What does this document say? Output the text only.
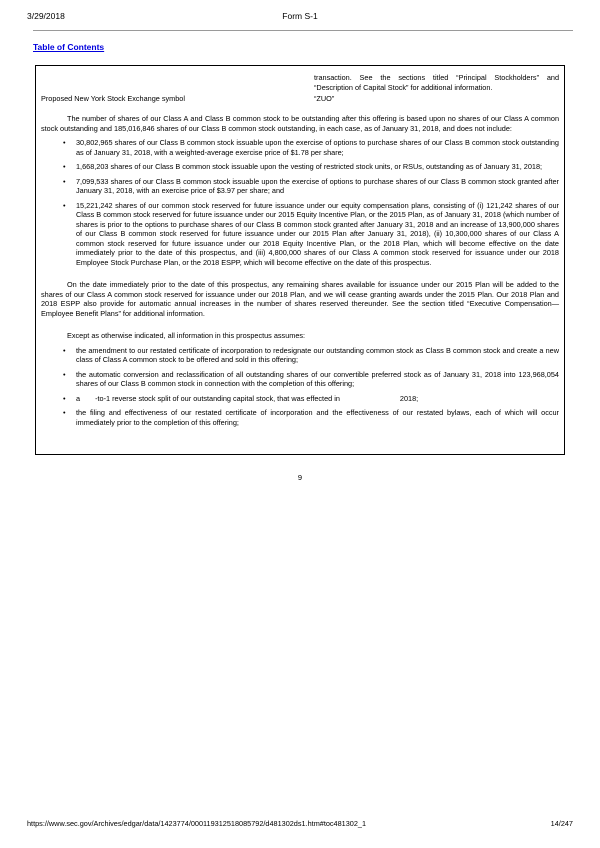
3/29/2018	Form S-1
Table of Contents
transaction. See the sections titled “Principal Stockholders” and “Description of Capital Stock” for additional information.
Proposed New York Stock Exchange symbol	“ZUO”

The number of shares of our Class A and Class B common stock to be outstanding after this offering is based upon no shares of our Class A common stock outstanding and 185,016,846 shares of our Class B common stock outstanding, in each case, as of January 31, 2018, and does not include:

•	30,802,965 shares of our Class B common stock issuable upon the exercise of options to purchase shares of our Class B common stock outstanding as of January 31, 2018, with a weighted-average exercise price of $1.78 per share;
•	1,668,203 shares of our Class B common stock issuable upon the vesting of restricted stock units, or RSUs, outstanding as of January 31, 2018;
•	7,099,533 shares of our Class B common stock issuable upon the exercise of options to purchase shares of our Class B common stock granted after January 31, 2018, with an exercise price of $3.97 per share; and
•	15,221,242 shares of our common stock reserved for future issuance under our equity compensation plans, consisting of (i) 121,242 shares of our Class B common stock reserved for future issuance under our 2015 Equity Incentive Plan, or the 2015 Plan, as of January 31, 2018 (which number of shares is prior to the options to purchase shares of our Class B common stock granted after January 31, 2018 and an increase of 13,900,000 shares of our Class B common stock reserved for future issuance under our 2015 Plan after January 31, 2018), (ii) 10,300,000 shares of our Class A common stock reserved for future issuance under our 2018 Equity Incentive Plan, or the 2018 Plan, which will become effective on the date immediately prior to the date of this prospectus, and (iii) 4,800,000 shares of our Class A common stock reserved for issuance under our 2018 Employee Stock Purchase Plan, or the 2018 ESPP, which will become effective on the date of this prospectus.

On the date immediately prior to the date of this prospectus, any remaining shares available for issuance under our 2015 Plan will be added to the shares of our Class A common stock reserved for issuance under our 2018 Plan, and we will cease granting awards under the 2015 Plan. Our 2018 Plan and 2018 ESPP also provide for automatic annual increases in the number of shares reserved thereunder. See the section titled “Executive Compensation—Employee Benefit Plans” for additional information.

Except as otherwise indicated, all information in this prospectus assumes:

•	the amendment to our restated certificate of incorporation to redesignate our outstanding common stock as Class B common stock and create a new class of Class A common stock to be offered and sold in this offering;
•	the automatic conversion and reclassification of all outstanding shares of our convertible preferred stock as of January 31, 2018 into 123,968,054 shares of our Class B common stock in connection with the completion of this offering;
•	a -to-1 reverse stock split of our outstanding capital stock, that was effected in	2018;
•	the filing and effectiveness of our restated certificate of incorporation and the effectiveness of our restated bylaws, each of which will occur immediately prior to the completion of this offering;
9
https://www.sec.gov/Archives/edgar/data/1423774/000119312518085792/d481302ds1.htm#toc481302_1	14/247
